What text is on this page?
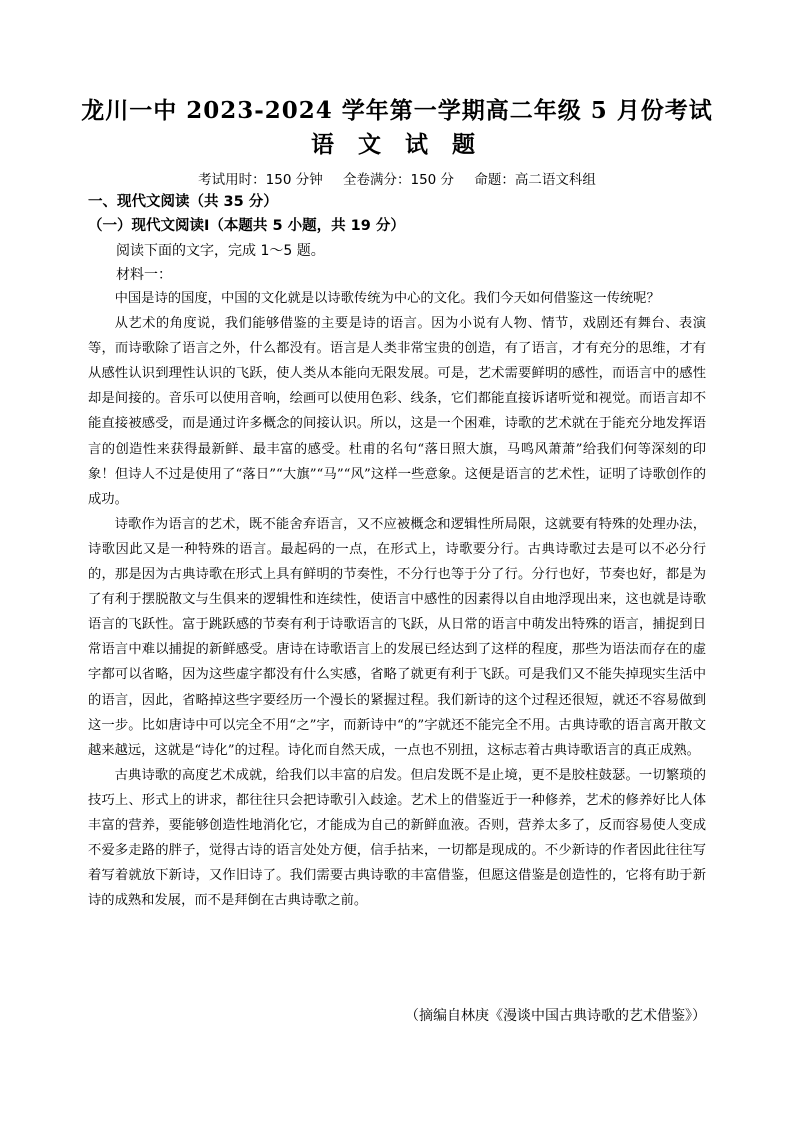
龙川一中 2023-2024 学年第一学期高二年级 5 月份考试
语 文 试 题
考试用时：150 分钟 全卷满分：150 分 命题：高二语文科组
一、现代文阅读（共 35 分）
（一）现代文阅读Ⅰ（本题共 5 小题，共 19 分）
阅读下面的文字，完成 1～5 题。
材料一：

中国是诗的国度，中国的文化就是以诗歌传统为中心的文化。我们今天如何借鉴这一传统呢？

从艺术的角度说，我们能够借鉴的主要是诗的语言。因为小说有人物、情节，戏剧还有舞台、表演等，而诗歌除了语言之外，什么都没有。语言是人类非常宝贵的创造，有了语言，才有充分的思维，才有从感性认识到理性认识的飞跃，使人类从本能向无限发展。可是，艺术需要鲜明的感性，而语言中的感性却是间接的。音乐可以使用音响，绘画可以使用色彩、线条，它们都能直接诉诸听觉和视觉。而语言却不能直接被感受，而是通过许多概念的间接认识。所以，这是一个困难，诗歌的艺术就在于能充分地发挥语言的创造性来获得最新鲜、最丰富的感受。杜甫的名句“落日照大旗，马鸣风萧萧”给我们何等深刻的印象！但诗人不过是使用了“落日”“大旗”“马”“风”这样一些意象。这便是语言的艺术性，证明了诗歌创作的成功。

诗歌作为语言的艺术，既不能舍弃语言，又不应被概念和逻辑性所局限，这就要有特殊的处理办法，诗歌因此又是一种特殊的语言。最起码的一点，在形式上，诗歌要分行。古典诗歌过去是可以不必分行的，那是因为古典诗歌在形式上具有鲜明的节奏性，不分行也等于分了行。分行也好，节奏也好，都是为了有利于摆脱散文与生俱来的逻辑性和连续性，使语言中感性的因素得以自由地浮现出来，这也就是诗歌语言的飞跃性。富于跳跃感的节奏有利于诗歌语言的飞跃，从日常的语言中萌发出特殊的语言，捕捉到日常语言中难以捕捉的新鲜感受。唐诗在诗歌语言上的发展已经达到了这样的程度，那些为语法而存在的虚字都可以省略，因为这些虚字都没有什么实感，省略了就更有利于飞跃。可是我们又不能失掉现实生活中的语言，因此，省略掉这些字要经历一个漫长的紧握过程。我们新诗的这个过程还很短，就还不容易做到这一步。比如唐诗中可以完全不用“之”字，而新诗中“的”字就还不能完全不用。古典诗歌的语言离开散文越来越远，这就是“诗化”的过程。诗化而自然天成，一点也不别扭，这标志着古典诗歌语言的真正成熟。

古典诗歌的高度艺术成就，给我们以丰富的启发。但启发既不是止境，更不是胶柱鼓瑟。一切繁琐的技巧上、形式上的讲求，都往往只会把诗歌引入歧途。艺术上的借鉴近于一种修养，艺术的修养好比人体丰富的营养，要能够创造性地消化它，才能成为自己的新鲜血液。否则，营养太多了，反而容易使人变成不爱多走路的胖子，觉得古诗的语言处处方便，信手拈来，一切都是现成的。不少新诗的作者因此往往写着写着就放下新诗，又作旧诗了。我们需要古典诗歌的丰富借鉴，但愿这借鉴是创造性的，它将有助于新诗的成熟和发展，而不是拜倒在古典诗歌之前。

（摘编自林庚《漫谈中国古典诗歌的艺术借鉴》）
